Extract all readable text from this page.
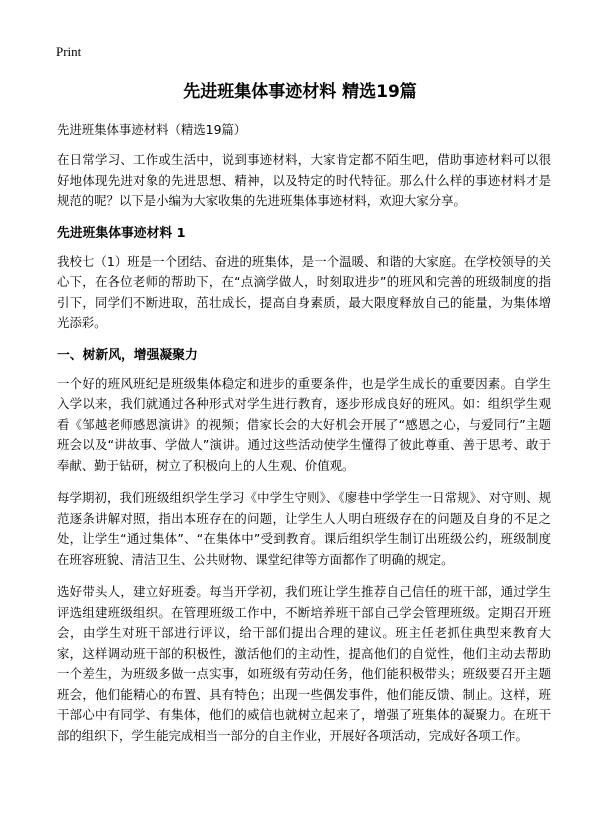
Print
先进班集体事迹材料 精选19篇

先进班集体事迹材料（精选19篇）

在日常学习、工作或生活中，说到事迹材料，大家肯定都不陌生吧，借助事迹材料可以很好地体现先进对象的先进思想、精神，以及特定的时代特征。那么什么样的事迹材料才是规范的呢？以下是小编为大家收集的先进班集体事迹材料，欢迎大家分享。

先进班集体事迹材料 1

我校七（1）班是一个团结、奋进的班集体，是一个温暖、和谐的大家庭。在学校领导的关心下，在各位老师的帮助下，在“点滴学做人，时刻取进步”的班风和完善的班级制度的指引下，同学们不断进取，茁壮成长，提高自身素质，最大限度释放自己的能量，为集体增光添彩。

一、树新风，增强凝聚力

一个好的班风班纪是班级集体稳定和进步的重要条件，也是学生成长的重要因素。自学生入学以来，我们就通过各种形式对学生进行教育，逐步形成良好的班风。如：组织学生观看《邹越老师感恩演讲》的视频；借家长会的大好机会开展了“感恩之心，与爱同行”主题班会以及“讲故事、学做人”演讲。通过这些活动使学生懂得了彼此尊重、善于思考、敢于奉献、勤于钻研，树立了积极向上的人生观、价值观。

每学期初，我们班级组织学生学习《中学生守则》、《廖巷中学学生一日常规》、对守则、规范逐条讲解对照，指出本班存在的问题，让学生人人明白班级存在的问题及自身的不足之处，让学生“通过集体”、“在集体中”受到教育。课后组织学生制订出班级公约，班级制度在班容班貌、清洁卫生、公共财物、课堂纪律等方面都作了明确的规定。

选好带头人，建立好班委。每当开学初，我们班让学生推荐自己信任的班干部，通过学生评选组建班级组织。在管理班级工作中，不断培养班干部自己学会管理班级。定期召开班会，由学生对班干部进行评议，给干部们提出合理的建议。班主任老抓住典型来教育大家，这样调动班干部的积极性，激活他们的主动性，提高他们的自觉性，他们主动去帮助一个差生，为班级多做一点实事，如班级有劳动任务，他们能积极带头；班级要召开主题班会，他们能精心的布置、具有特色；出现一些偶发事件，他们能反馈、制止。这样，班干部心中有同学、有集体，他们的威信也就树立起来了，增强了班集体的凝聚力。在班干部的组织下，学生能完成相当一部分的自主作业，开展好各项活动，完成好各项工作。
